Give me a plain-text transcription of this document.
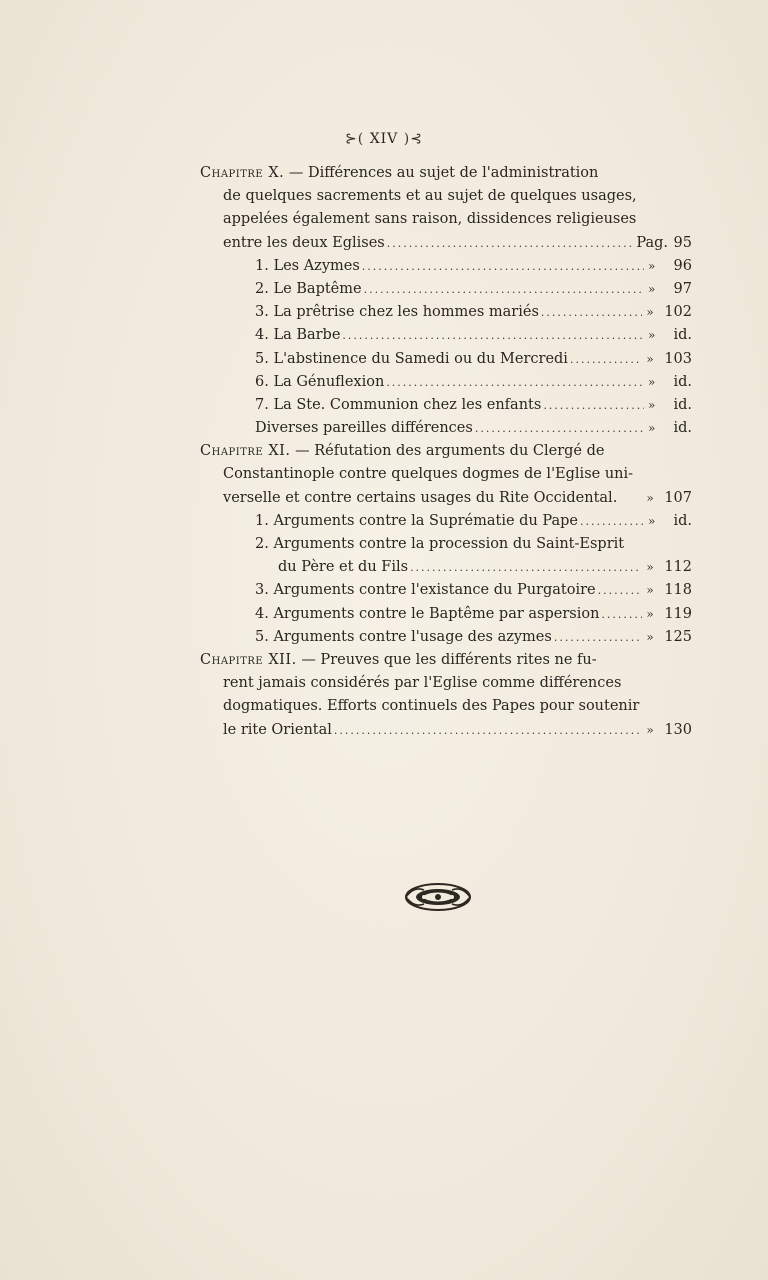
⊱( XIV )⊰
Chapitre X. — Différences au sujet de l'administration
de quelques sacrements et au sujet de quelques usages,
appelées également sans raison, dissidences religieuses
entre les deux Eglises .....	Pag. 95
1. Les Azymes .....	»	96
2. Le Baptême .....	»	97
3. La prêtrise chez les hommes mariés .....	» 102
4. La Barbe .....	»	id.
5. L'abstinence du Samedi ou du Mercredi .....	» 103
6. La Génuflexion .....	»	id.
7. La Ste. Communion chez les enfants .....	»	id.
Diverses pareilles différences .....	»	id.
Chapitre XI. — Réfutation des arguments du Clergé de
Constantinople contre quelques dogmes de l'Eglise uni-
verselle et contre certains usages du Rite Occidental. » 107
1. Arguments contre la Suprématie du Pape .....	»	id.
2. Arguments contre la procession du Saint-Esprit
du Père et du Fils .....	» 112
3. Arguments contre l'existance du Purgatoire .....	» 118
4. Arguments contre le Baptême par aspersion .....	» 119
5. Arguments contre l'usage des azymes .....	» 125
Chapitre XII. — Preuves que les différents rites ne fu-
rent jamais considérés par l'Eglise comme différences
dogmatiques. Efforts continuels des Papes pour soutenir
le rite Oriental .....	» 130
